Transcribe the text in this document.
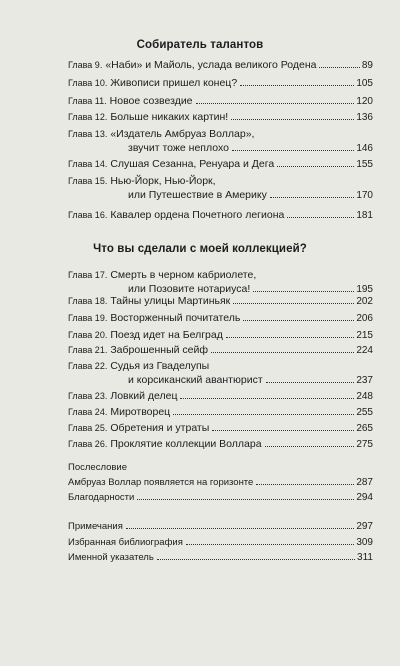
Собиратель талантов
Глава 9. «Наби» и Майоль, услада великого Родена	89
Глава 10. Живописи пришел конец?	105
Глава 11. Новое созвездие	120
Глава 12. Больше никаких картин!	136
Глава 13. «Издатель Амбруаз Воллар»,
звучит тоже неплохо	146
Глава 14. Слушая Сезанна, Ренуара и Дега	155
Глава 15. Нью-Йорк, Нью-Йорк,
или Путешествие в Америку	170
Глава 16. Кавалер ордена Почетного легиона	181
Что вы сделали с моей коллекцией?
Глава 17. Смерть в черном кабриолете,
или Позовите нотариуса!	195
Глава 18. Тайны улицы Мартиньяк	202
Глава 19. Восторженный почитатель	206
Глава 20. Поезд идет на Белград	215
Глава 21. Заброшенный сейф	224
Глава 22. Судья из Гваделупы
и корсиканский авантюрист	237
Глава 23. Ловкий делец	248
Глава 24. Миротворец	255
Глава 25. Обретения и утраты	265
Глава 26. Проклятие коллекции Воллара	275
Послесловие
Амбруаз Воллар появляется на горизонте	287
Благодарности	294
Примечания	297
Избранная библиография	309
Именной указатель	311
